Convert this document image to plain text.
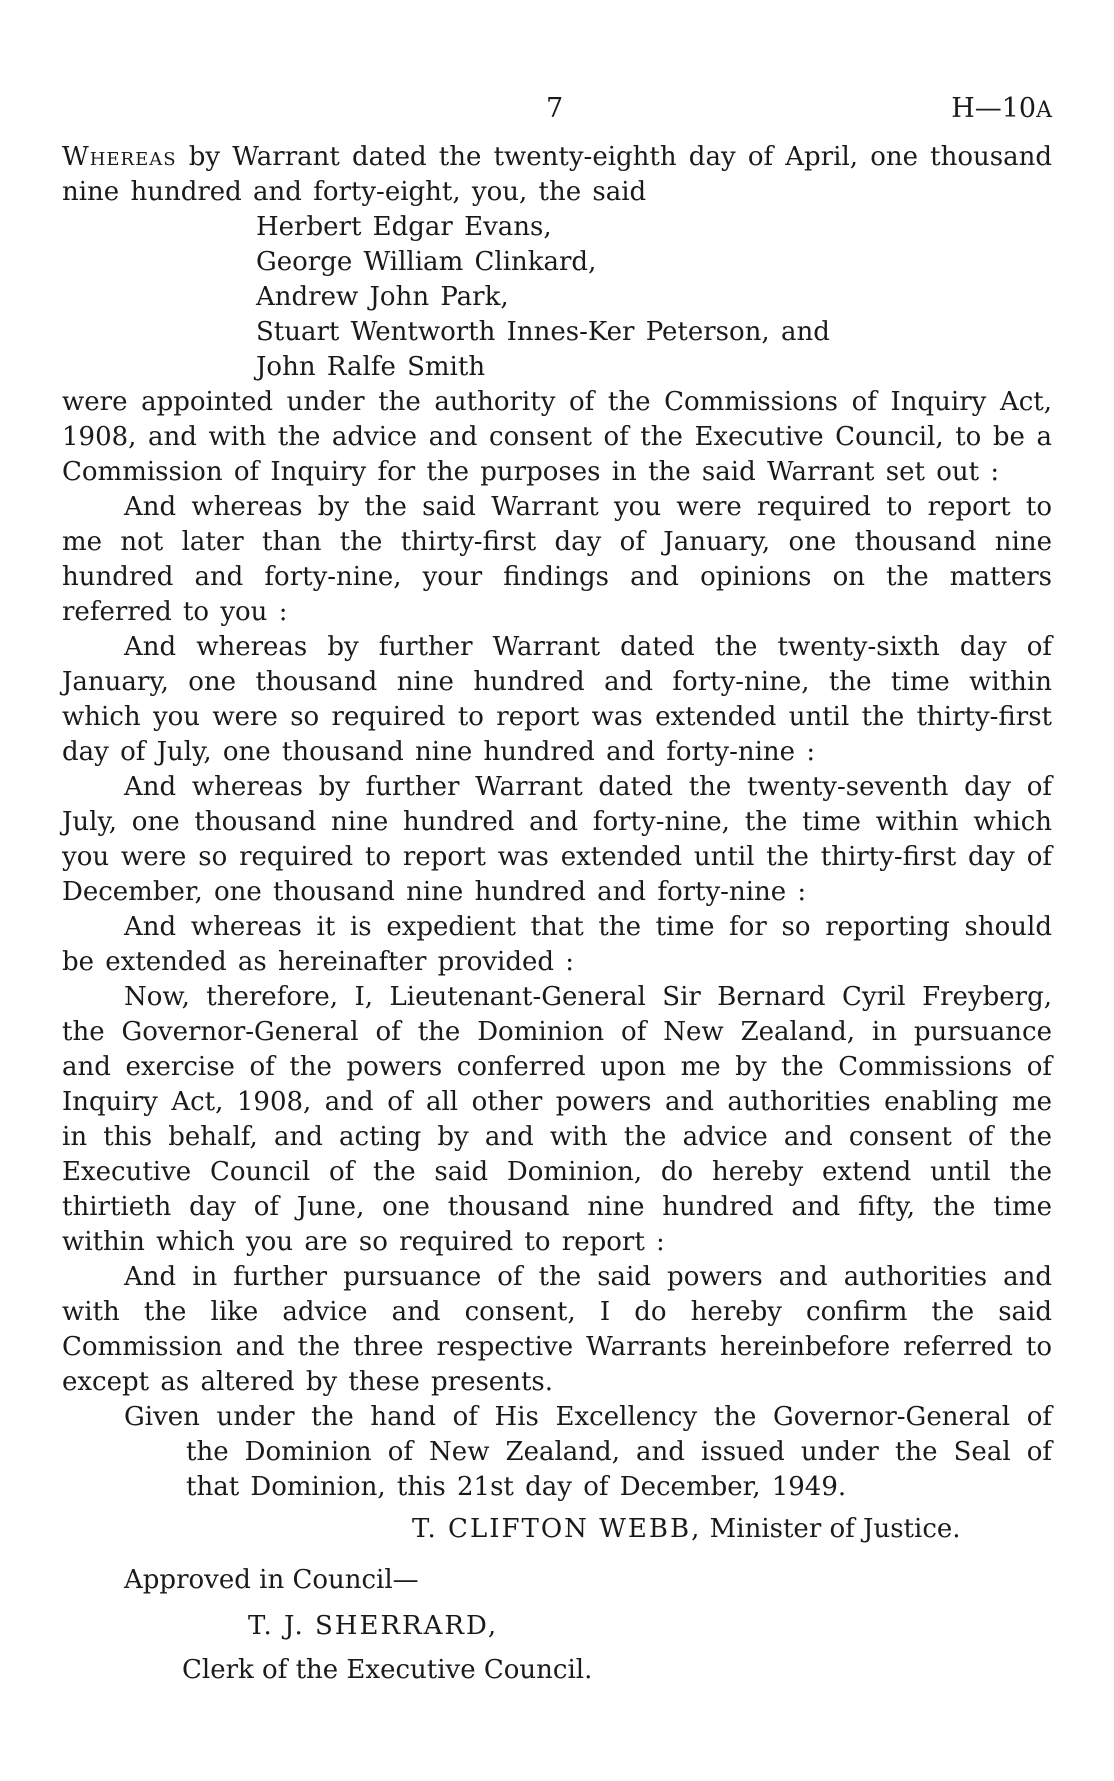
7	H—10A

Whereas by Warrant dated the twenty-eighth day of April, one thousand nine hundred and forty-eight, you, the said

Herbert Edgar Evans,
George William Clinkard,
Andrew John Park,
Stuart Wentworth Innes-Ker Peterson, and
John Ralfe Smith

were appointed under the authority of the Commissions of Inquiry Act, 1908, and with the advice and consent of the Executive Council, to be a Commission of Inquiry for the purposes in the said Warrant set out :

And whereas by the said Warrant you were required to report to me not later than the thirty-first day of January, one thousand nine hundred and forty-nine, your findings and opinions on the matters referred to you :

And whereas by further Warrant dated the twenty-sixth day of January, one thousand nine hundred and forty-nine, the time within which you were so required to report was extended until the thirty-first day of July, one thousand nine hundred and forty-nine :

And whereas by further Warrant dated the twenty-seventh day of July, one thousand nine hundred and forty-nine, the time within which you were so required to report was extended until the thirty-first day of December, one thousand nine hundred and forty-nine :

And whereas it is expedient that the time for so reporting should be extended as hereinafter provided :

Now, therefore, I, Lieutenant-General Sir Bernard Cyril Freyberg, the Governor-General of the Dominion of New Zealand, in pursuance and exercise of the powers conferred upon me by the Commissions of Inquiry Act, 1908, and of all other powers and authorities enabling me in this behalf, and acting by and with the advice and consent of the Executive Council of the said Dominion, do hereby extend until the thirtieth day of June, one thousand nine hundred and fifty, the time within which you are so required to report :

And in further pursuance of the said powers and authorities and with the like advice and consent, I do hereby confirm the said Commission and the three respective Warrants hereinbefore referred to except as altered by these presents.

Given under the hand of His Excellency the Governor-General of the Dominion of New Zealand, and issued under the Seal of that Dominion, this 21st day of December, 1949.

T. CLIFTON WEBB, Minister of Justice.

Approved in Council—

T. J. SHERRARD,

Clerk of the Executive Council.
